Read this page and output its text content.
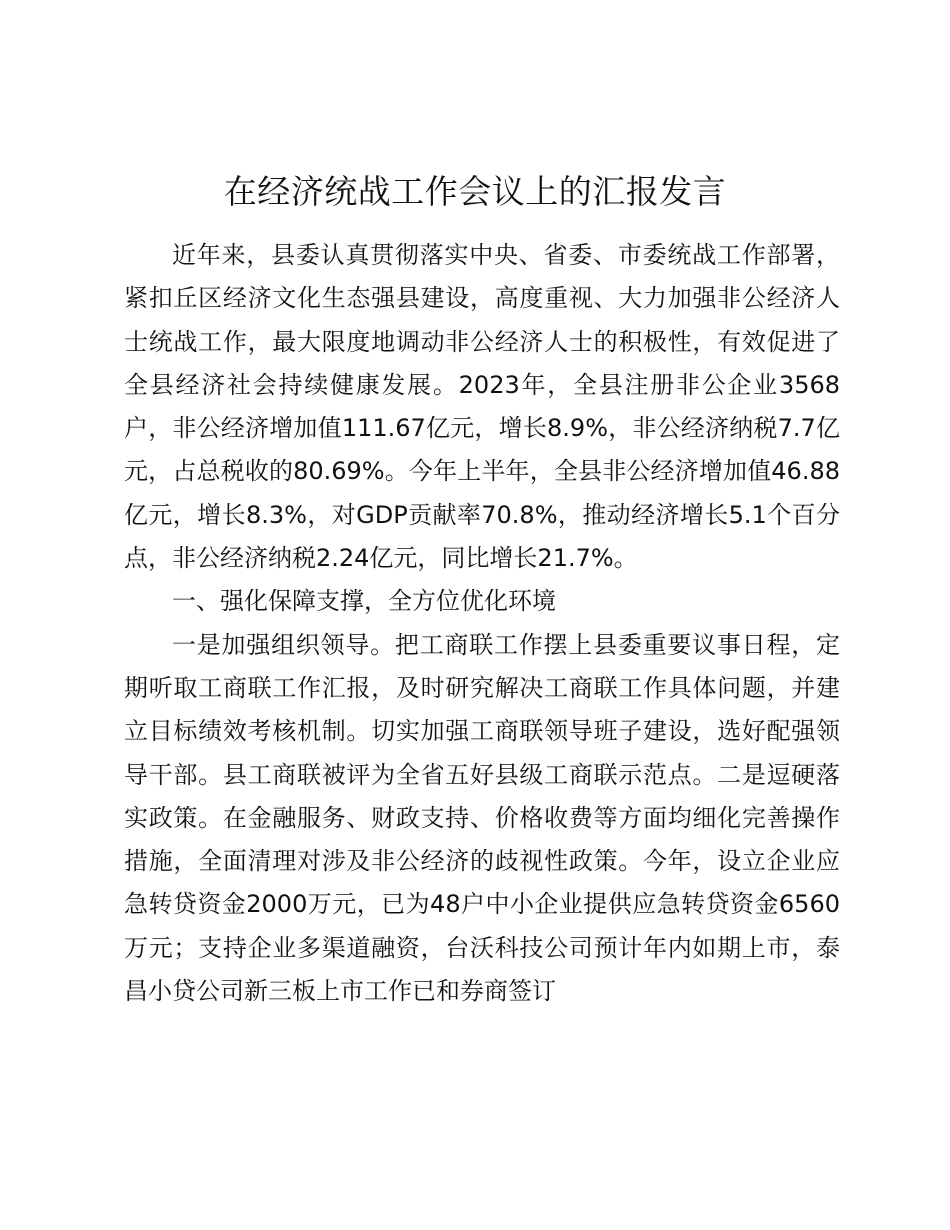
在经济统战工作会议上的汇报发言

近年来，县委认真贯彻落实中央、省委、市委统战工作部署，紧扣丘区经济文化生态强县建设，高度重视、大力加强非公经济人士统战工作，最大限度地调动非公经济人士的积极性，有效促进了全县经济社会持续健康发展。2023年，全县注册非公企业3568户，非公经济增加值111.67亿元，增长8.9%，非公经济纳税7.7亿元，占总税收的80.69%。今年上半年，全县非公经济增加值46.88亿元，增长8.3%，对GDP贡献率70.8%，推动经济增长5.1个百分点，非公经济纳税2.24亿元，同比增长21.7%。

一、强化保障支撑，全方位优化环境

一是加强组织领导。把工商联工作摆上县委重要议事日程，定期听取工商联工作汇报，及时研究解决工商联工作具体问题，并建立目标绩效考核机制。切实加强工商联领导班子建设，选好配强领导干部。县工商联被评为全省五好县级工商联示范点。二是逗硬落实政策。在金融服务、财政支持、价格收费等方面均细化完善操作措施，全面清理对涉及非公经济的歧视性政策。今年，设立企业应急转贷资金2000万元，已为48户中小企业提供应急转贷资金6560万元；支持企业多渠道融资，台沃科技公司预计年内如期上市，泰昌小贷公司新三板上市工作已和券商签订
